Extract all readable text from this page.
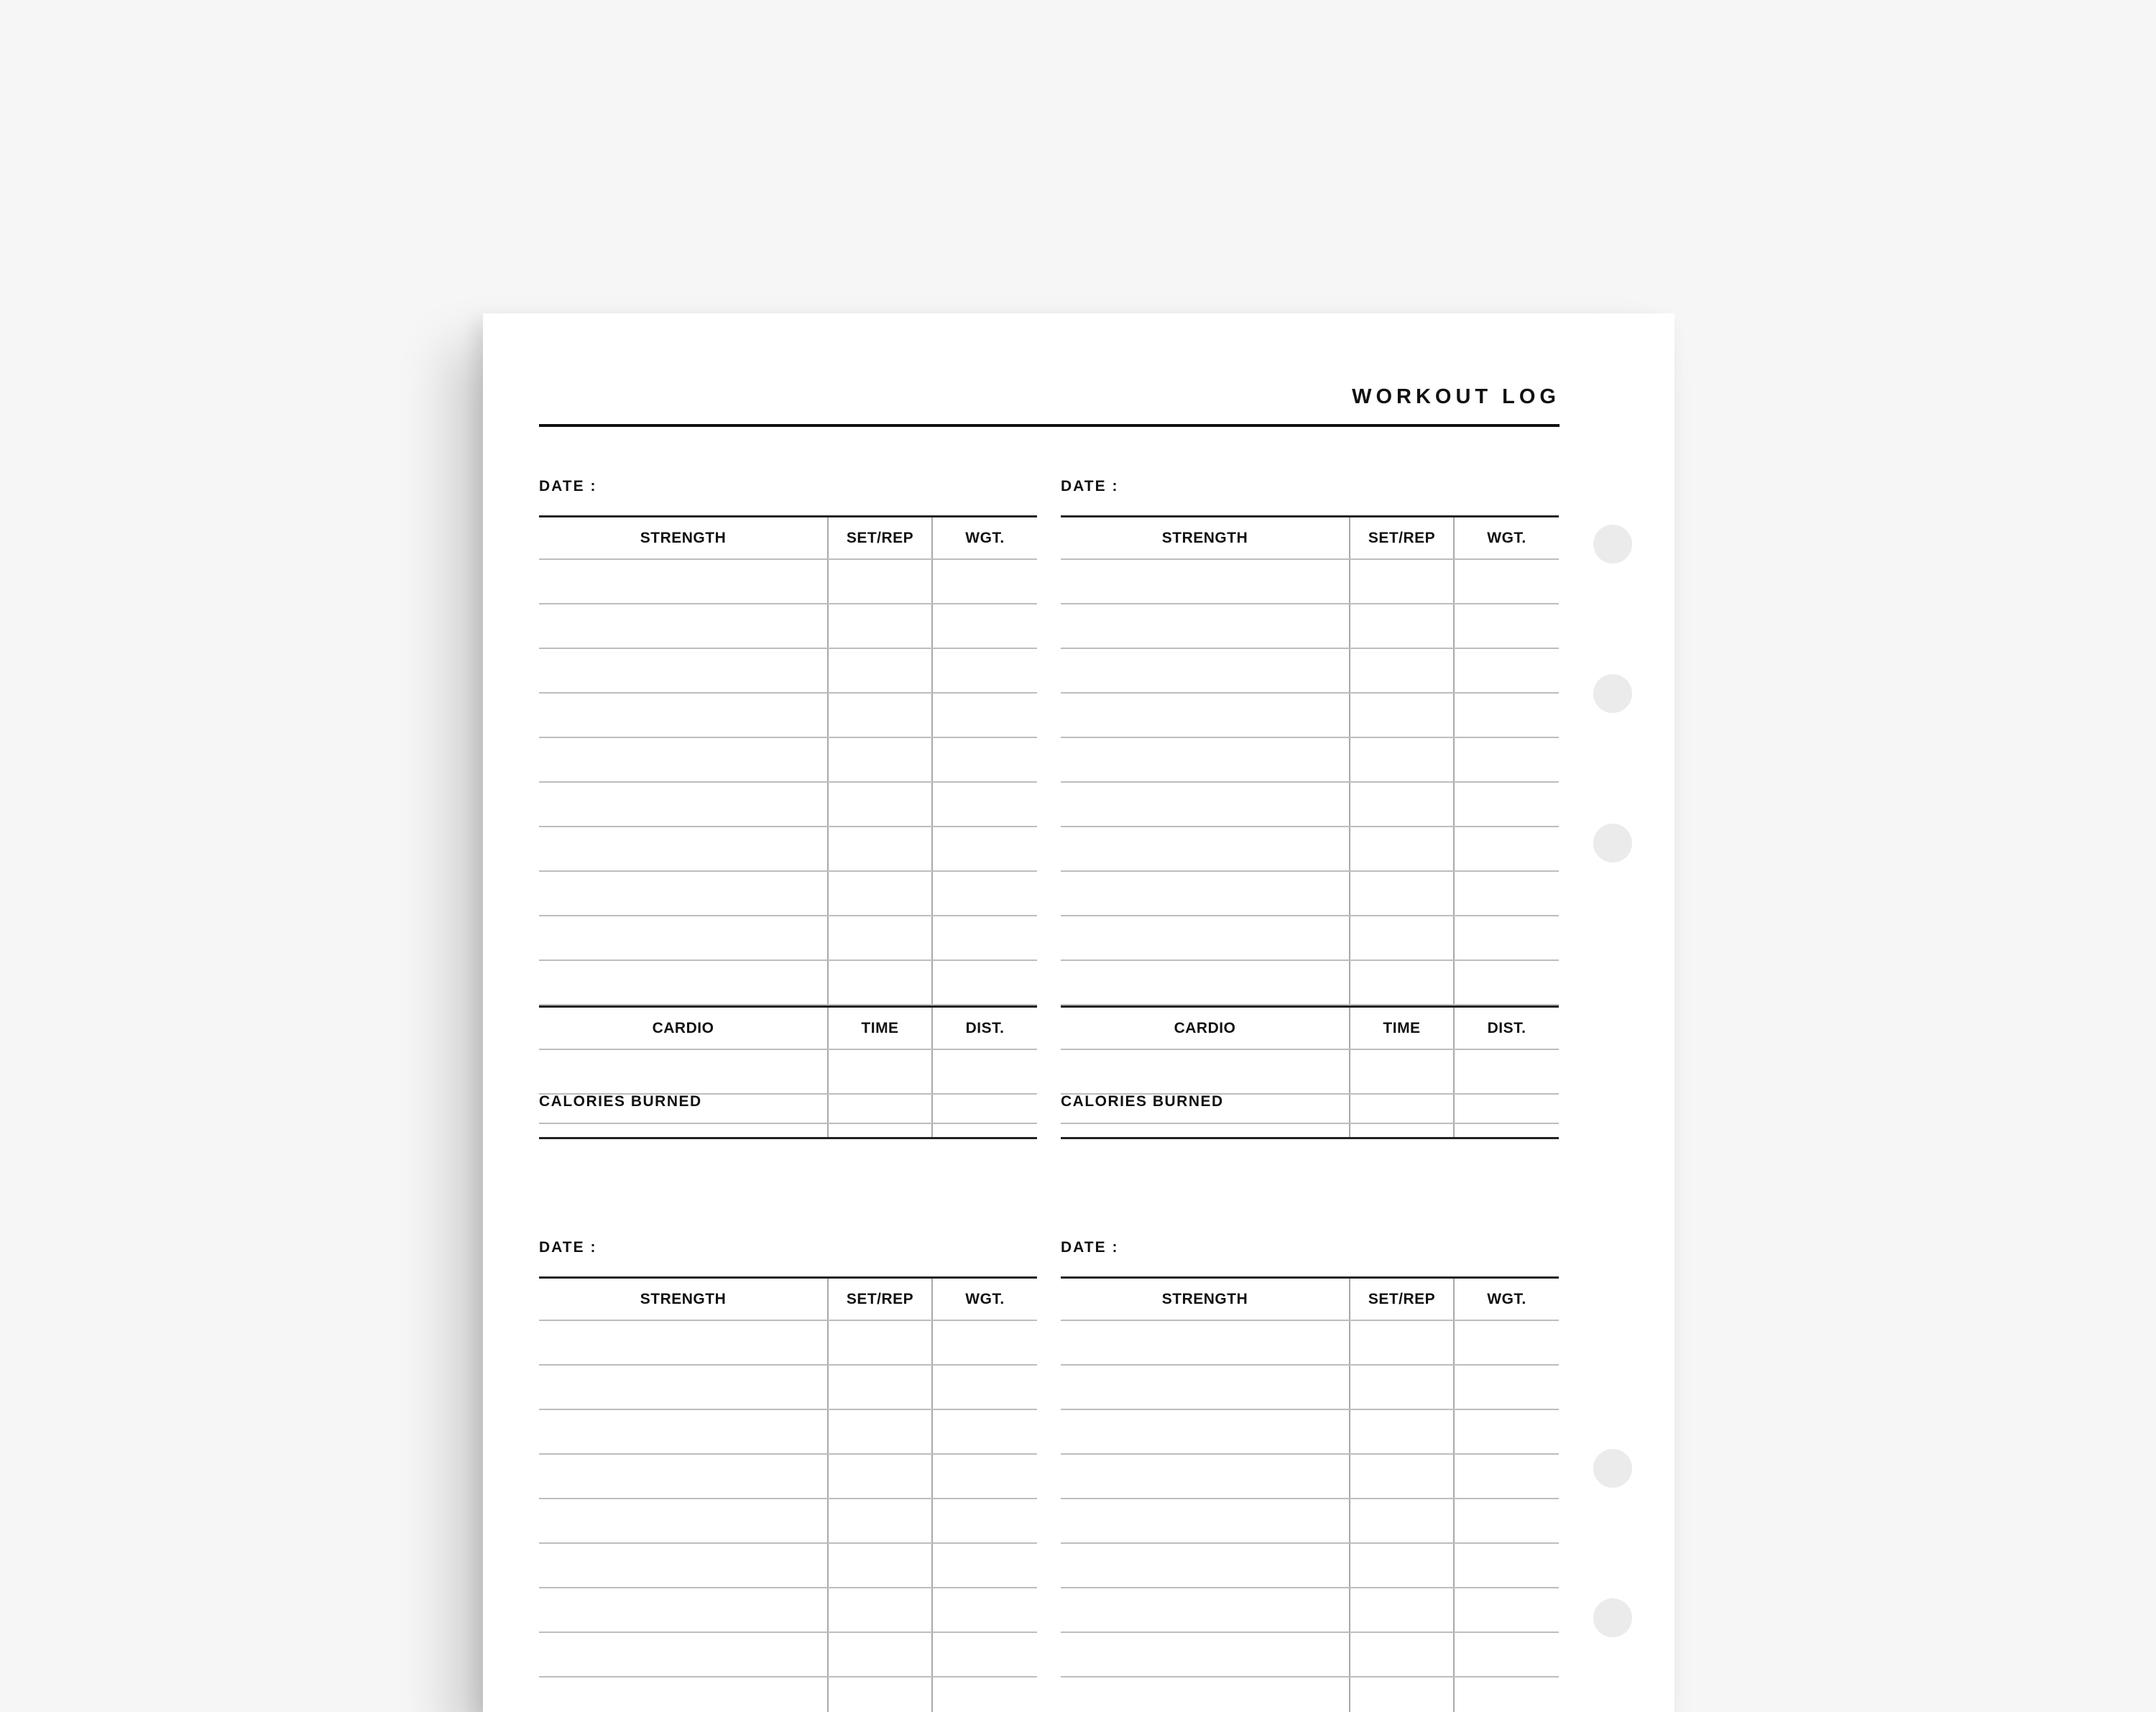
WORKOUT LOG
DATE :
STRENGTH	SET/REP	WGT.
CARDIO	TIME	DIST.
CALORIES BURNED
DATE :
STRENGTH	SET/REP	WGT.
CARDIO	TIME	DIST.
CALORIES BURNED
DATE :
STRENGTH	SET/REP	WGT.
DATE :
STRENGTH	SET/REP	WGT.
